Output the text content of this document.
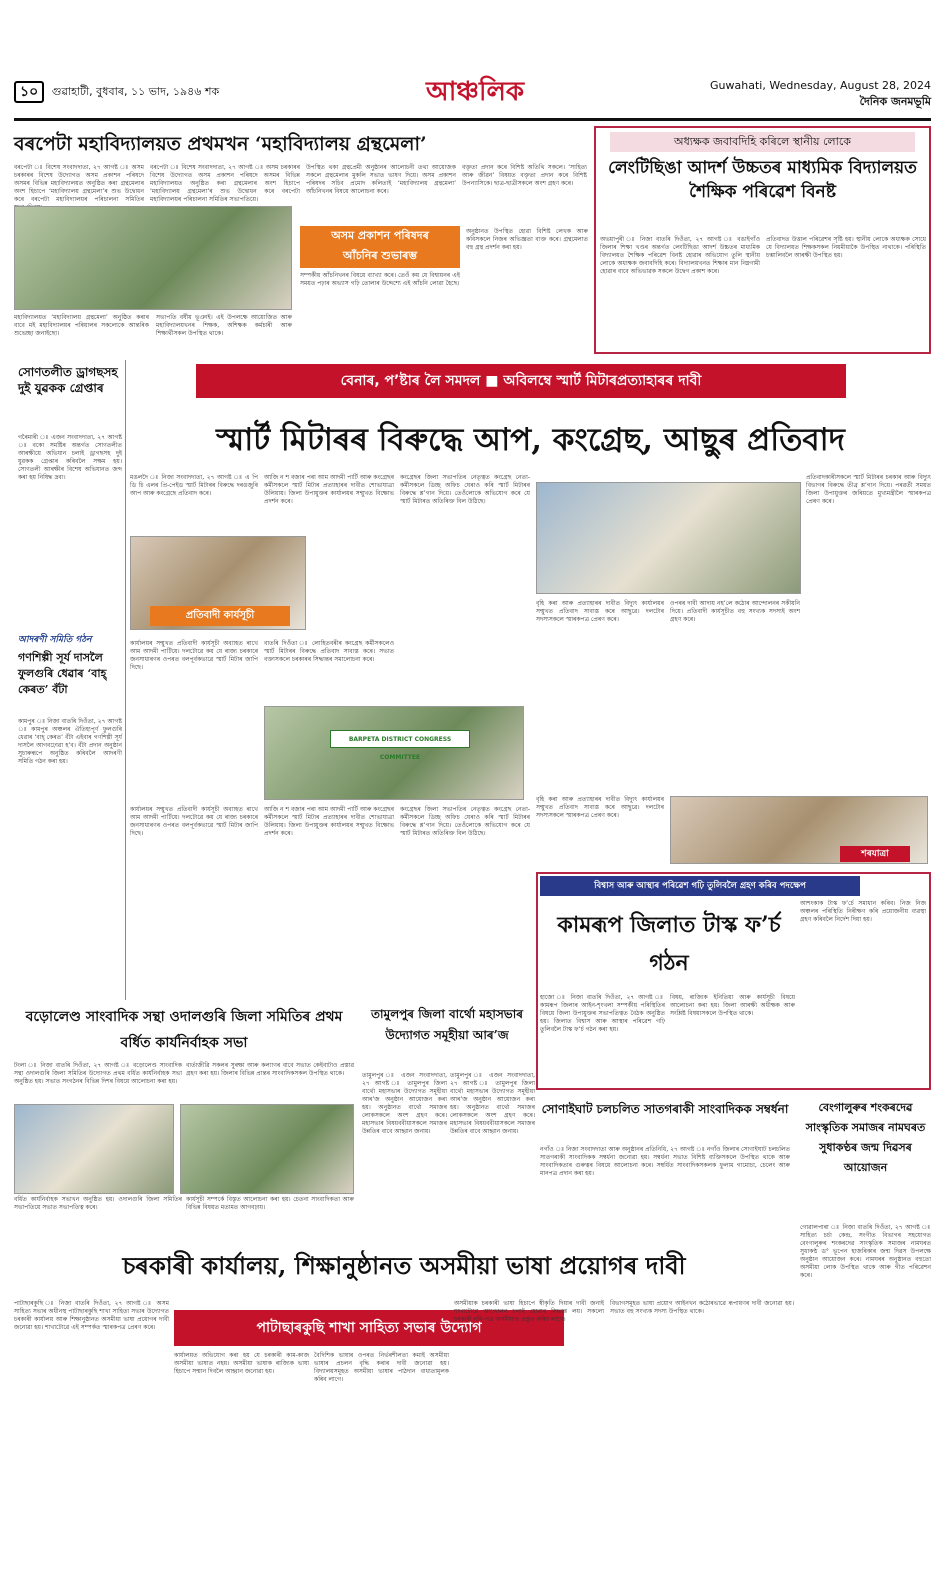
১০ গুৱাহাটী, বুধবাৰ, ১১ ভাদ, ১৯৪৬ শক	আঞ্চলিক	Guwahati, Wednesday, August 28, 2024
দৈনিক জনমভূমি
বৰপেটা মহাবিদ্যালয়ত প্ৰথমখন ‘মহাবিদ্যালয় গ্ৰন্থমেলা’
বৰপেটা ঃ বিশেষ সংবাদদাতা, ২৭ আগষ্ট ঃ অসম চৰকাৰৰ বিশেষ উদ্যোগত অসম প্ৰকাশন পৰিষদে অসমৰ বিভিন্ন মহাবিদ্যালয়ত অনুষ্ঠিত কৰা গ্ৰন্থমেলাৰ অংশ হিচাপে ‘মহাবিদ্যালয় গ্ৰন্থমেলা’ৰ শুভ উদ্বোধন কৰে বৰপেটা মহাবিদ্যালয়ৰ পৰিচালনা সমিতিৰ
বৰপেটা ঃ বিশেষ সংবাদদাতা, ২৭ আগষ্ট ঃ অসম চৰকাৰৰ বিশেষ উদ্যোগত অসম প্ৰকাশন পৰিষদে অসমৰ বিভিন্ন মহাবিদ্যালয়ত অনুষ্ঠিত কৰা গ্ৰন্থমেলাৰ অংশ হিচাপে ‘মহাবিদ্যালয় গ্ৰন্থমেলা’ৰ শুভ উদ্বোধন কৰে বৰপেটা মহাবিদ্যালয়ৰ পৰিচালনা সমিতিৰ সভাপতিয়ে।
উপস্থিত থকা গ্ৰন্থপ্ৰেমী অনুষ্ঠানৰ আলোচনী তথা আয়োজক সকলে গ্ৰন্থমেলাৰ মুকলি সভাত ভাষণ দিয়ে। অসম প্ৰকাশন পৰিষদৰ সচিব প্ৰমোদ কলিতাই ‘মহাবিদ্যালয় গ্ৰন্থমেলা’ আঁচনিখনৰ বিষয়ে আলোচনা কৰে।
বক্তৃতা প্ৰদান কৰে বিশিষ্ট অতিথি সকলে। ‘সাহিত্য আৰু জীৱন’ বিষয়ত বক্তৃতা প্ৰদান কৰে বিশিষ্ট উপন্যাসিকে। ছাত্ৰ-ছাত্ৰীসকলে অংশ গ্ৰহণ কৰে।
মহাবিদ্যালয়ত ‘মহাবিদ্যালয় গ্ৰন্থমেলা’ অনুষ্ঠিত কৰাৰ বাবে মই মহাবিদ্যালয়ৰ পৰিয়ালৰ সকলোকে আন্তৰিক শুভেচ্ছা জনাইছো।
সভাপতি বৰ্ষীয় ভূঞাই। এই উপলক্ষে আয়োজিত আৰু মহাবিদ্যালয়খনৰ শিক্ষক, অশিক্ষক কৰ্মচাৰী আৰু শিক্ষাৰ্থীসকল উপস্থিত থাকে।
অসম প্ৰকাশন পৰিষদৰ
আঁচনিৰ শুভাৰম্ভ
সম্পৰ্কীয় আঁচনিখনৰ বিষয়ে ব্যাখ্যা কৰে। তেওঁ কয় যে বিশ্বায়নৰ এই সময়ত পঢ়াৰ অভ্যাস গঢ়ি তোলাৰ উদ্দেশ্যে এই আঁচনি লোৱা হৈছে।
অনুষ্ঠানত উপস্থিত হোৱা বিশিষ্ট লেখক আৰু কবিসকলে নিজৰ অভিজ্ঞতা ব্যক্ত কৰে। গ্ৰন্থমেলাত বহু গ্ৰন্থ প্ৰদৰ্শন কৰা হয়।
অধ্যক্ষক জবাবদিহি কৰিলে স্থানীয় লোকে
লেংটিছিঙা আদৰ্শ উচ্চতৰ মাধ্যমিক বিদ্যালয়ত শৈক্ষিক পৰিৱেশ বিনষ্ট
অভয়াপুৰী ঃ নিজা বাতৰি দিওঁতা, ২৭ আগষ্ট ঃ বঙাইগাঁও জিলাৰ শিক্ষা খণ্ডৰ অন্তৰ্গত লেংটিছিঙা আদৰ্শ উচ্চতৰ মাধ্যমিক বিদ্যালয়ত শৈক্ষিক পৰিৱেশ বিনষ্ট হোৱাৰ অভিযোগ তুলি স্থানীয় লোকে অধ্যক্ষক জবাবদিহি কৰে। বিদ্যালয়খনত শিক্ষাৰ মান নিম্নগামী হোৱাৰ বাবে অভিভাৱক সকলে উদ্বেগ প্ৰকাশ কৰে।
প্ৰতিবাদত উত্তাল পৰিৱেশৰ সৃষ্টি হয়। স্থানীয় লোকে অধ্যক্ষক সোধে যে বিদ্যালয়ত শিক্ষকসকল নিয়মীয়াকৈ উপস্থিত নাথাকে। পৰিস্থিতি চম্ভালিবলৈ আৰক্ষী উপস্থিত হয়।
সোণতলীত ড্ৰাগছসহ দুই যুৱকক গ্ৰেপ্তাৰ
গৰৈমাৰী ঃ এজন সংবাদদাতা, ২৭ আগষ্ট ঃ বকো সমষ্টিৰ অন্তৰ্গত সোণতলীত আৰক্ষীয়ে অভিযান চলাই ড্ৰাগছসহ দুই যুৱকক গ্ৰেপ্তাৰ কৰিবলৈ সক্ষম হয়। সোণতলী আৰক্ষীৰ বিশেষ অভিযানত জব্দ কৰা হয় নিষিদ্ধ দ্ৰব্য।
আদৰণী সমিতি গঠন
গণশিল্পী সূৰ্য দাসলৈ ফুলগুৰি ধেৱাৰ ‘বাহ্ কেৰত’ বঁটা
কামপুৰ ঃ নিজা বাতৰি দিওঁতা, ২৭ আগষ্ট ঃ কামপুৰ অঞ্চলৰ ঐতিহ্যপূৰ্ণ ফুলগুৰি ধেৱাৰ ‘বাহ্ কেৰত’ বঁটা এইবাৰ গণশিল্পী সূৰ্য দাসলৈ আগবঢ়োৱা হ’ব। বঁটা প্ৰদান অনুষ্ঠান সুচাৰুৰূপে অনুষ্ঠিত কৰিবলৈ আদৰণী সমিতি গঠন কৰা হয়।
বেনাৰ, প’ষ্টাৰ লৈ সমদল ■ অবিলম্বে স্মাৰ্ট মিটাৰপ্ৰত্যাহাৰৰ দাবী
স্মাৰ্ট মিটাৰৰ বিৰুদ্ধে আপ, কংগ্ৰেছ, আছুৰ প্ৰতিবাদ
মঙলদৈ ঃ নিজা সংবাদদাতা, ২৭ আগষ্ট ঃ এ পি ডি চি এলৰ প্ৰি-পেইড স্মাৰ্ট মিটাৰৰ বিৰুদ্ধে দৰঙজুৰি আপ আৰু কংগ্ৰেছে প্ৰতিবাদ কৰে।
আজি ন শ বজাৰ পৰা আম আদমী পাৰ্টি আৰু কংগ্ৰেছৰ কৰ্মীসকলে স্মাৰ্ট মিটাৰ প্ৰত্যাহাৰৰ দাবীত শোভাযাত্ৰা উলিয়ায়। জিলা উপায়ুক্তৰ কাৰ্যালয়ৰ সন্মুখত বিক্ষোভ প্ৰদৰ্শন কৰে।
প্ৰতিবাদী কাৰ্যসূচী
কংগ্ৰেছৰ জিলা সভাপতিৰ নেতৃত্বত কংগ্ৰেছ নেতা-কৰ্মীসকলে ডিচ্ছ অফিচ ঘেৰাও কৰি স্মাৰ্ট মিটাৰৰ বিৰুদ্ধে শ্ল’গান দিয়ে। তেওঁলোকে অভিযোগ কৰে যে স্মাৰ্ট মিটাৰত অতিৰিক্ত বিল উঠিছে।
কাৰ্যালয়ৰ সন্মুখত প্ৰতিবাদী কাৰ্যসূচী অব্যাহত ৰাখে আম আদমী পাৰ্টিয়ে। দলটোৱে কয় যে ৰাজ্য চৰকাৰে জনসাধাৰণৰ ওপৰত বলপূৰ্বকভাৱে স্মাৰ্ট মিটাৰ জাপি দিছে।
বাতৰি দিওঁতা ঃ লোহিতবৰীৰ কংগ্ৰেছ কৰ্মীসকলেও স্মাৰ্ট মিটাৰৰ বিৰুদ্ধে প্ৰতিবাদ সাব্যস্ত কৰে। সভাত বক্তাসকলে চৰকাৰৰ সিদ্ধান্তৰ সমালোচনা কৰে।
BARPETA DISTRICT CONGRESS COMMITTEE
কাৰ্যালয়ৰ সন্মুখত প্ৰতিবাদী কাৰ্যসূচী অব্যাহত ৰাখে আম আদমী পাৰ্টিয়ে। দলটোৱে কয় যে ৰাজ্য চৰকাৰে জনসাধাৰণৰ ওপৰত বলপূৰ্বকভাৱে স্মাৰ্ট মিটাৰ জাপি দিছে।
আজি ন শ বজাৰ পৰা আম আদমী পাৰ্টি আৰু কংগ্ৰেছৰ কৰ্মীসকলে স্মাৰ্ট মিটাৰ প্ৰত্যাহাৰৰ দাবীত শোভাযাত্ৰা উলিয়ায়। জিলা উপায়ুক্তৰ কাৰ্যালয়ৰ সন্মুখত বিক্ষোভ প্ৰদৰ্শন কৰে।
কংগ্ৰেছৰ জিলা সভাপতিৰ নেতৃত্বত কংগ্ৰেছ নেতা-কৰ্মীসকলে ডিচ্ছ অফিচ ঘেৰাও কৰি স্মাৰ্ট মিটাৰৰ বিৰুদ্ধে শ্ল’গান দিয়ে। তেওঁলোকে অভিযোগ কৰে যে স্মাৰ্ট মিটাৰত অতিৰিক্ত বিল উঠিছে।
প্ৰতিবাদকাৰীসকলে স্মাৰ্ট মিটাৰৰ চৰকাৰ আৰু বিদ্যুৎ বিভাগৰ বিৰুদ্ধে তীব্ৰ শ্ল’গান দিয়ে। পৰৱৰ্তী সময়ত জিলা উপায়ুক্তৰ জৰিয়তে মুখ্যমন্ত্ৰীলৈ স্মাৰকপত্ৰ প্ৰেৰণ কৰে।
বৃহি কৰা আৰু প্ৰত্যাহাৰৰ দাবীত বিদ্যুৎ কাৰ্যালয়ৰ সন্মুখত প্ৰতিবাদ সাব্যস্ত কৰে আছুৱে। দলটোৰ সদস্যসকলে স্মাৰকপত্ৰ প্ৰেৰণ কৰে।
ওপৰৰ দাবী আদায় নহ’লে কঠোৰ আন্দোলনৰ সকীয়নি দিয়ে। প্ৰতিবাদী কাৰ্যসূচীত বহু সংখ্যক সদস্যই অংশ গ্ৰহণ কৰে।
শৰযাত্ৰা
বৃহি কৰা আৰু প্ৰত্যাহাৰৰ দাবীত বিদ্যুৎ কাৰ্যালয়ৰ সন্মুখত প্ৰতিবাদ সাব্যস্ত কৰে আছুৱে। দলটোৰ সদস্যসকলে স্মাৰকপত্ৰ প্ৰেৰণ কৰে।
বিশ্বাস আৰু আস্থাৰ পৰিৱেশ গঢ়ি তুলিবলৈ গ্ৰহণ কৰিব পদক্ষেপ
কামৰূপ জিলাত টাস্ক ফ’ৰ্চ গঠন
হাজো ঃ নিজা বাতৰি দিওঁতা, ২৭ আগষ্ট ঃ কামৰূপ জিলাৰ আইন-শৃংখলা সম্পৰ্কীয় পৰিস্থিতিৰ বিষয়ে জিলা উপায়ুক্তৰ সভাপতিত্বত বৈঠক অনুষ্ঠিত হয়। জিলাত বিশ্বাস আৰু আস্থাৰ পৰিৱেশ গঢ়ি তুলিবলৈ টাস্ক ফ’ৰ্চ গঠন কৰা হয়।
বিষয়, ৰাজ্যিক ইনিতিয়া আৰু কাৰ্যসূচী বিষয়ে আলোচনা কৰা হয়। জিলা আৰক্ষী অধীক্ষক আৰু সংশ্লিষ্ট বিষয়াসকলে উপস্থিত থাকে।
আশংকাক টাস্ক ফ’ৰ্চে সমাধান কৰিব। নিজ নিজ অঞ্চলৰ পৰিস্থিতি নিৰীক্ষণ কৰি প্ৰয়োজনীয় ব্যৱস্থা গ্ৰহণ কৰিবলৈ নিৰ্দেশ দিয়া হয়।
বড়োলেণ্ড সাংবাদিক সন্থা ওদালগুৰি জিলা সমিতিৰ প্ৰথম বৰ্ধিত কাৰ্যনিৰ্বাহক সভা
টংলা ঃ নিজা বাতৰি দিওঁতা, ২৭ আগষ্ট ঃ বড়োলেণ্ড সাংবাদিক সন্থা ওদালগুৰি জিলা সমিতিৰ উদ্যোগত প্ৰথম বৰ্ধিত কাৰ্যনিৰ্বাহক সভা অনুষ্ঠিত হয়। সভাত সংগঠনৰ বিভিন্ন দিশৰ বিষয়ে আলোচনা কৰা হয়।
বাৰ্তাজীৱি সকলৰ সুৰক্ষা আৰু কল্যাণৰ বাবে সভাত কেইবাটাও প্ৰস্তাৱ গ্ৰহণ কৰা হয়। জিলাৰ বিভিন্ন প্ৰান্তৰ সাংবাদিকসকল উপস্থিত থাকে।
বৰ্ধিত কাৰ্যনিৰ্বাহক সভাখন অনুষ্ঠিত হয়। ওদালগুৰি জিলা সমিতিৰ সভাপতিয়ে সভাত সভাপতিত্ব কৰে।
কাৰ্যসূচী সম্পৰ্কে বিস্তৃত আলোচনা কৰা হয়। চেতনা সাংবাদিকতা আৰু বিভিন্ন বিষয়ত মতামত আগবঢ়ায়।
তামুলপুৰ জিলা বাৰ্থো মহাসভাৰ উদ্যোগত সমূহীয়া আৰ’জ
তামুলপুৰ ঃ এজন সংবাদদাতা, ২৭ আগষ্ট ঃ তামুলপুৰ জিলা বাৰ্থো মহাসভাৰ উদ্যোগত সমূহীয়া আৰ’জ অনুষ্ঠান আয়োজন কৰা হয়। অনুষ্ঠানত বাৰ্থো সমাজৰ লোকসকলে অংশ গ্ৰহণ কৰে। মহাসভাৰ বিষয়ববীয়াসকলে সমাজৰ উন্নতিৰ বাবে আহ্বান জনায়।
তামুলপুৰ ঃ এজন সংবাদদাতা, ২৭ আগষ্ট ঃ তামুলপুৰ জিলা বাৰ্থো মহাসভাৰ উদ্যোগত সমূহীয়া আৰ’জ অনুষ্ঠান আয়োজন কৰা হয়। অনুষ্ঠানত বাৰ্থো সমাজৰ লোকসকলে অংশ গ্ৰহণ কৰে। মহাসভাৰ বিষয়ববীয়াসকলে সমাজৰ উন্নতিৰ বাবে আহ্বান জনায়।
সোণাইঘাট চলচলিত সাতগৰাকী সাংবাদিকক সম্বৰ্ধনা
নগাঁও ঃ নিজা সংবাদদাতা আৰু অনুষ্ঠানৰ প্ৰতিনিধি, ২৭ আগষ্ট ঃ নগাঁও জিলাৰ সোণাইঘাট চলচলিত সাতগৰাকী সাংবাদিকক সম্বৰ্ধনা জনোৱা হয়। সম্বৰ্ধনা সভাত বিশিষ্ট ব্যক্তিসকলে উপস্থিত থাকে আৰু সাংবাদিকতাৰ গুৰুত্বৰ বিষয়ে আলোচনা কৰে। সম্বৰ্ধিত সাংবাদিকসকলক ফুলাম গামোচা, চেলেং আৰু মানপত্ৰ প্ৰদান কৰা হয়।
বেংগালুৰুৰ শংকৰদেৱ সাংস্কৃতিক সমাজৰ নামঘৰত সুধাকণ্ঠৰ জন্ম দিৱসৰ আয়োজন
গোৱালপাৰা ঃ নিজা বাতৰি দিওঁতা, ২৭ আগষ্ট ঃ সাহিত্য চৰ্চা কেন্দ্ৰ, সংগীত বিভাগৰ সহযোগত বেংগালুৰুৰ শংকৰদেৱ সাংস্কৃতিক সমাজৰ নামঘৰত সুধাকণ্ঠ ড° ভূপেন হাজৰিকাৰ জন্ম দিৱস উপলক্ষে অনুষ্ঠান আয়োজন কৰে। নামঘৰৰ অনুষ্ঠানত বহুতো অসমীয়া লোক উপস্থিত থাকে আৰু গীত পৰিৱেশন কৰে।
চৰকাৰী কাৰ্যালয়, শিক্ষানুষ্ঠানত অসমীয়া ভাষা প্ৰয়োগৰ দাবী
পাটাছাৰকুছি শাখা সাহিত্য সভাৰ উদ্যোগ
পাটাছাৰকুছি ঃ নিজা বাতৰি দিওঁতা, ২৭ আগষ্ট ঃ অসম সাহিত্য সভাৰ অধীনস্থ পাটাছাৰকুছি শাখা সাহিত্য সভাৰ উদ্যোগত চৰকাৰী কাৰ্যালয় আৰু শিক্ষানুষ্ঠানত অসমীয়া ভাষা প্ৰয়োগৰ দাবী জনোৱা হয়। শাখাটোৱে এই সম্পৰ্কত স্মাৰকপত্ৰ প্ৰেৰণ কৰে।
কাৰ্যালয়ত অভিযোগ কৰা হয় যে চৰকাৰী কাম-কাজ অসমীয়া ভাষাত নহয়। অসমীয়া ভাষাক ৰাজ্যিক ভাষা হিচাপে সন্মান দিবলৈ আহ্বান জনোৱা হয়।
বৈদিশিক ভাষাৰ ওপৰত নিৰ্ভৰশীলতা কমাই অসমীয়া ভাষাৰ প্ৰচলন বৃদ্ধি কৰাৰ দাবী জনোৱা হয়। বিদ্যালয়সমূহত অসমীয়া ভাষাৰ পাঠদান বাধ্যতামূলক কৰিব লাগে।
অসমীয়াক চৰকাৰী ভাষা হিচাপে স্বীকৃতি দিয়াৰ দাবী জনাই শাখাটোৱে আন্দোলন চলাই যোৱাৰ সিদ্ধান্ত লয়। সকলো চৰকাৰী নথি-পত্ৰ অসমীয়াত প্ৰস্তুত কৰিব লাগে।
বিভাগসমূহত ভাষা প্ৰয়োগ আইনখন কঠোৰভাৱে ৰূপায়ণৰ দাবী জনোৱা হয়। সভাত বহু সংখ্যক সদস্য উপস্থিত থাকে।
